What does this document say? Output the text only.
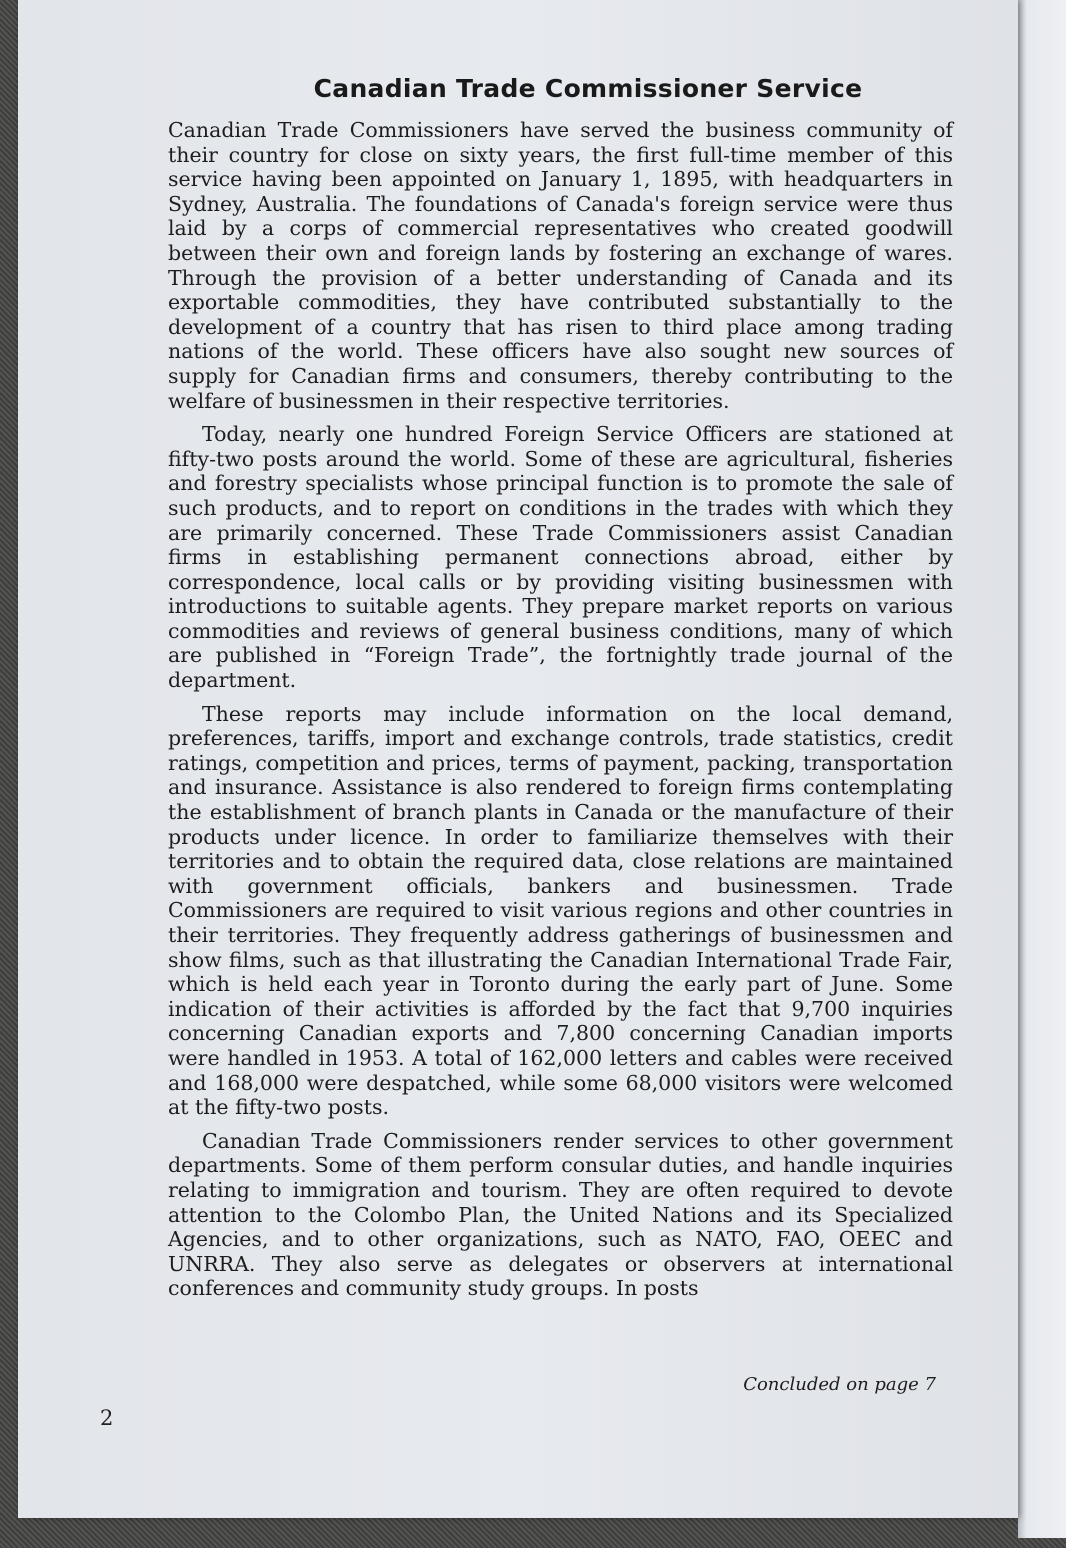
Canadian Trade Commissioner Service

Canadian Trade Commissioners have served the business community of their country for close on sixty years, the first full-time member of this service having been appointed on January 1, 1895, with headquarters in Sydney, Australia. The foundations of Canada's foreign service were thus laid by a corps of commercial representatives who created goodwill between their own and foreign lands by fostering an exchange of wares. Through the provision of a better understanding of Canada and its exportable commodities, they have contributed substantially to the development of a country that has risen to third place among trading nations of the world. These officers have also sought new sources of supply for Canadian firms and consumers, thereby contributing to the welfare of businessmen in their respective territories.

Today, nearly one hundred Foreign Service Officers are stationed at fifty-two posts around the world. Some of these are agricultural, fisheries and forestry specialists whose principal function is to promote the sale of such products, and to report on conditions in the trades with which they are primarily concerned. These Trade Commissioners assist Canadian firms in establishing permanent connections abroad, either by correspondence, local calls or by providing visiting businessmen with introductions to suitable agents. They prepare market reports on various commodities and reviews of general business conditions, many of which are published in “Foreign Trade”, the fortnightly trade journal of the department.

These reports may include information on the local demand, preferences, tariffs, import and exchange controls, trade statistics, credit ratings, competition and prices, terms of payment, packing, transportation and insurance. Assistance is also rendered to foreign firms contemplating the establishment of branch plants in Canada or the manufacture of their products under licence. In order to familiarize themselves with their territories and to obtain the required data, close relations are maintained with government officials, bankers and businessmen. Trade Commissioners are required to visit various regions and other countries in their territories. They frequently address gatherings of businessmen and show films, such as that illustrating the Canadian International Trade Fair, which is held each year in Toronto during the early part of June. Some indication of their activities is afforded by the fact that 9,700 inquiries concerning Canadian exports and 7,800 concerning Canadian imports were handled in 1953. A total of 162,000 letters and cables were received and 168,000 were despatched, while some 68,000 visitors were welcomed at the fifty-two posts.

Canadian Trade Commissioners render services to other government departments. Some of them perform consular duties, and handle inquiries relating to immigration and tourism. They are often required to devote attention to the Colombo Plan, the United Nations and its Specialized Agencies, and to other organizations, such as NATO, FAO, OEEC and UNRRA. They also serve as delegates or observers at international conferences and community study groups. In posts

Concluded on page 7
2
